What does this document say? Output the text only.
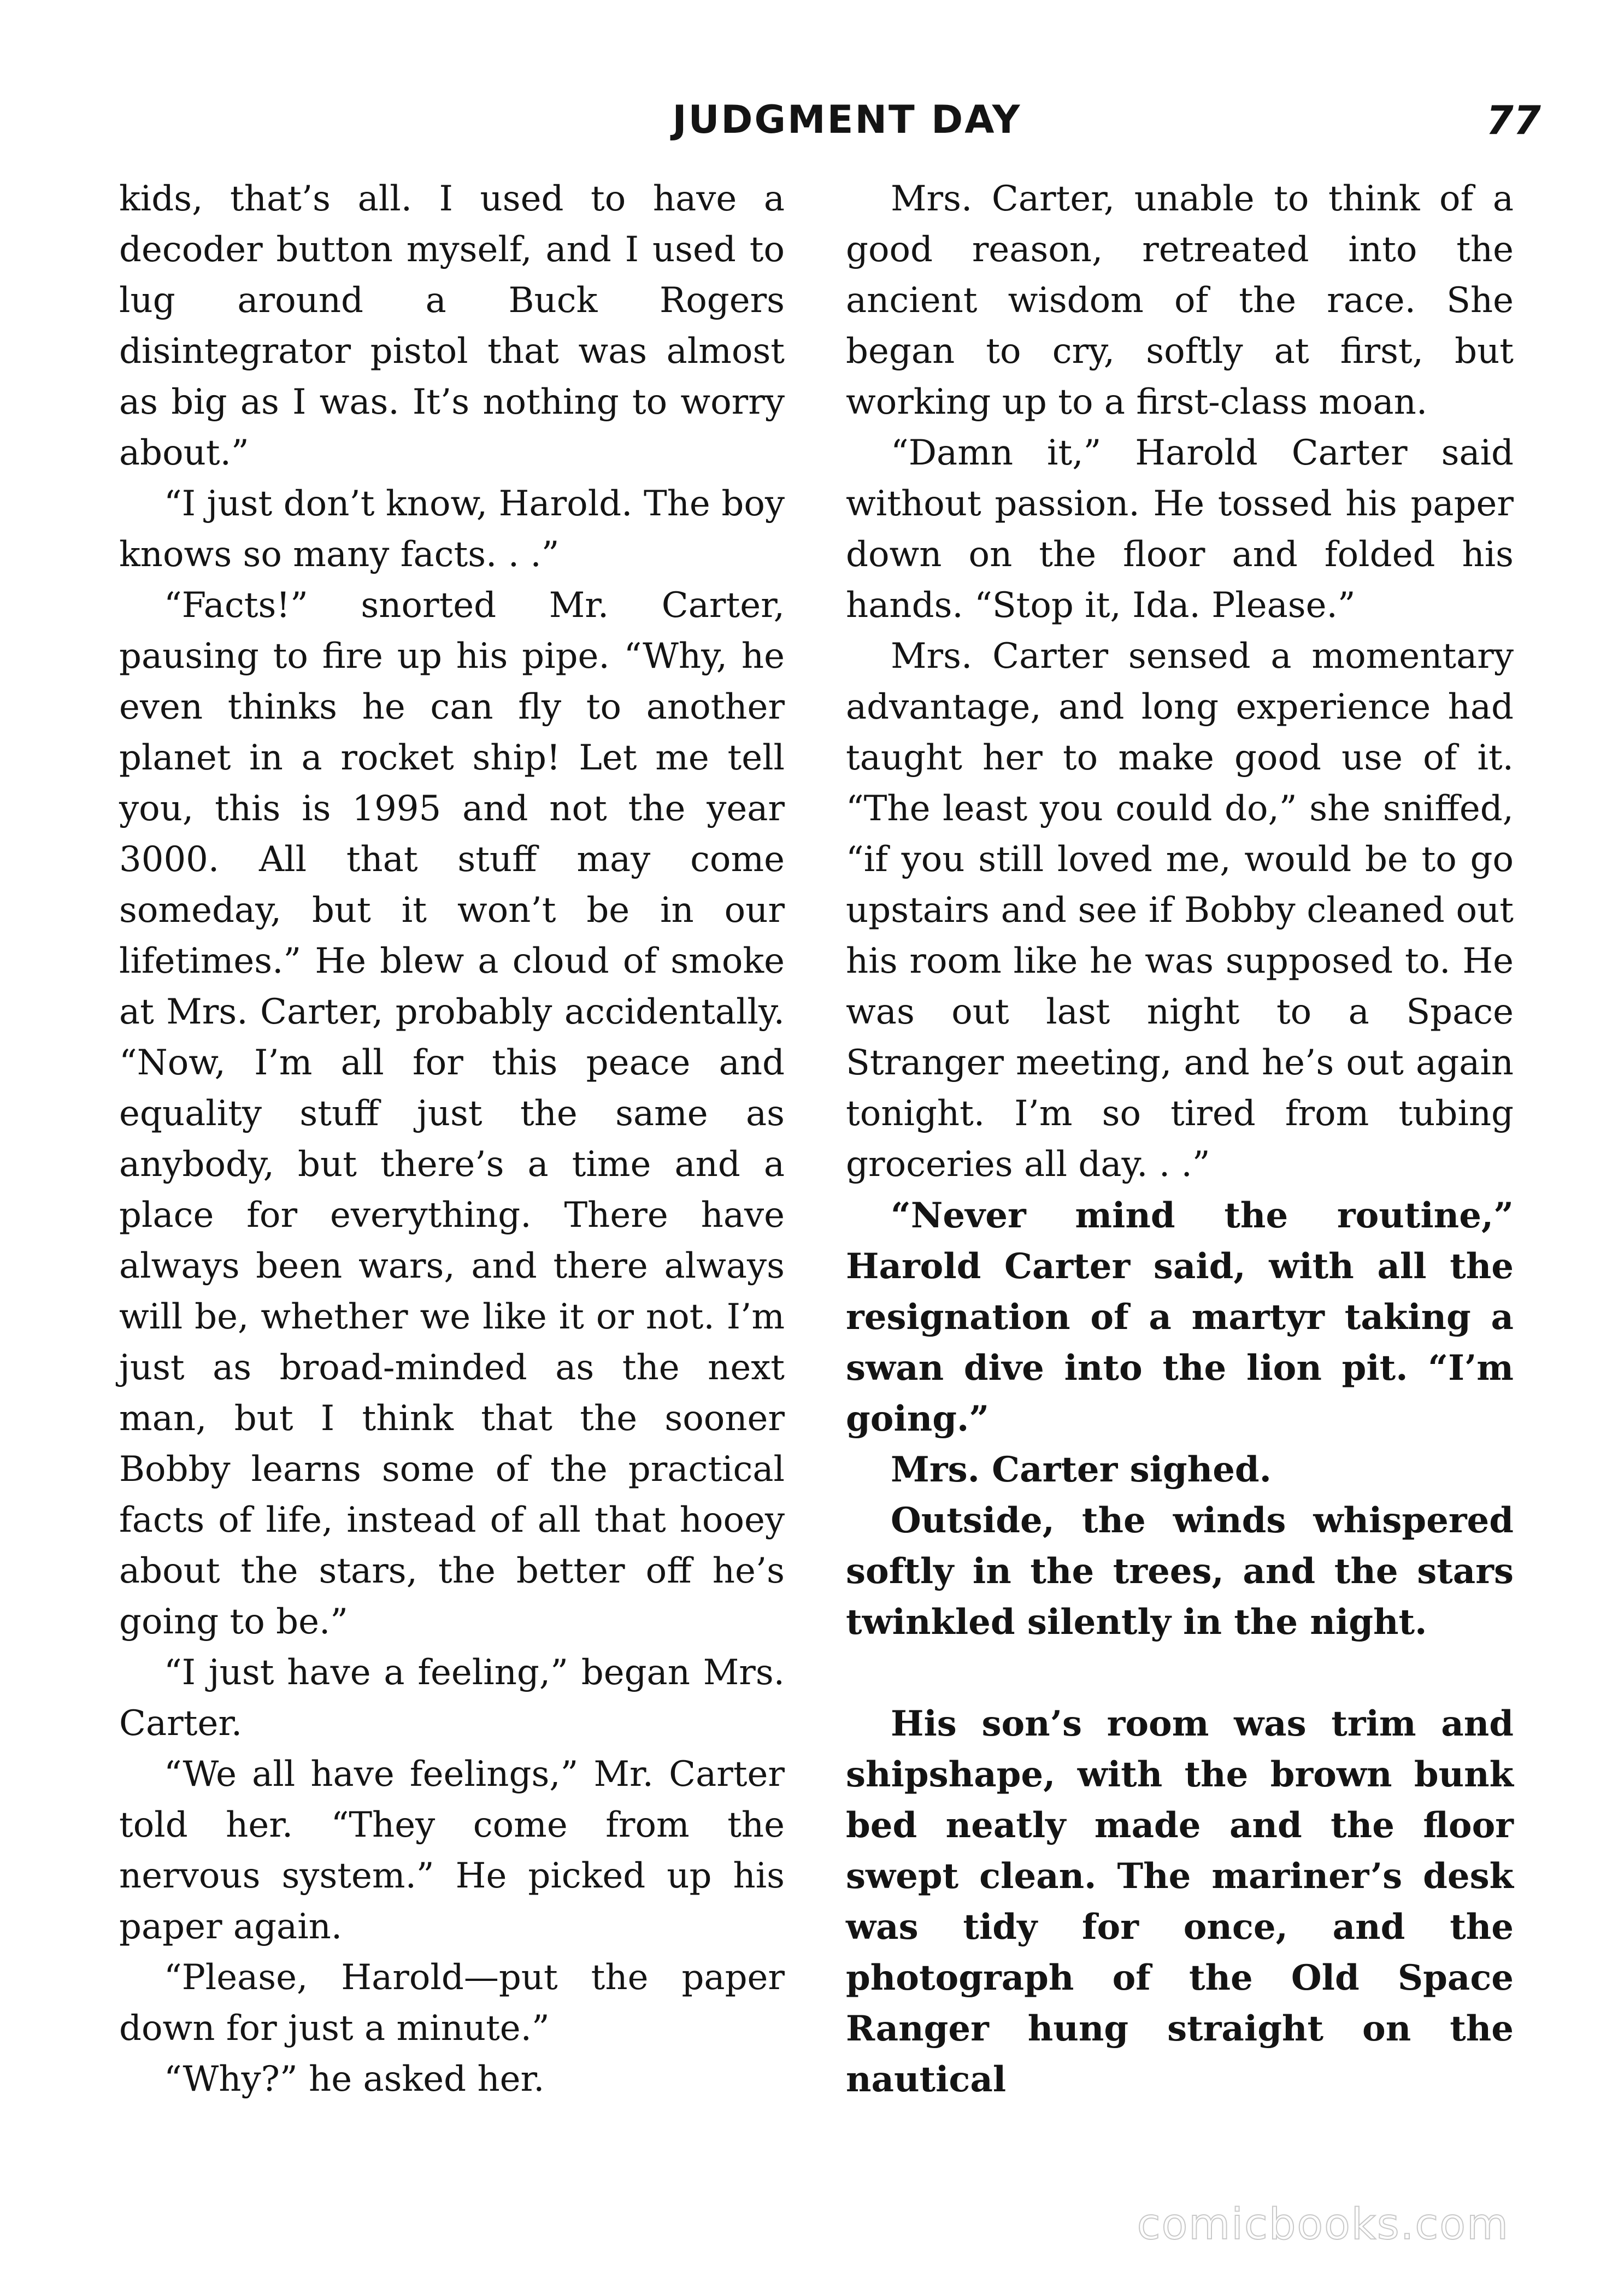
JUDGMENT DAY	77

kids, that’s all. I used to have a decoder button myself, and I used to lug around a Buck Rogers disintegrator pistol that was almost as big as I was. It’s nothing to worry about.”

“I just don’t know, Harold. The boy knows so many facts. . .”

“Facts!” snorted Mr. Carter, pausing to fire up his pipe. “Why, he even thinks he can fly to another planet in a rocket ship! Let me tell you, this is 1995 and not the year 3000. All that stuff may come someday, but it won’t be in our lifetimes.” He blew a cloud of smoke at Mrs. Carter, probably accidentally. “Now, I’m all for this peace and equality stuff just the same as anybody, but there’s a time and a place for everything. There have always been wars, and there always will be, whether we like it or not. I’m just as broad-minded as the next man, but I think that the sooner Bobby learns some of the practical facts of life, instead of all that hooey about the stars, the better off he’s going to be.”

“I just have a feeling,” began Mrs. Carter.

“We all have feelings,” Mr. Carter told her. “They come from the nervous system.” He picked up his paper again.

“Please, Harold—put the paper down for just a minute.”

“Why?” he asked her.

Mrs. Carter, unable to think of a good reason, retreated into the ancient wisdom of the race. She began to cry, softly at first, but working up to a first-class moan.

“Damn it,” Harold Carter said without passion. He tossed his paper down on the floor and folded his hands. “Stop it, Ida. Please.”

Mrs. Carter sensed a momentary advantage, and long experience had taught her to make good use of it. “The least you could do,” she sniffed, “if you still loved me, would be to go upstairs and see if Bobby cleaned out his room like he was supposed to. He was out last night to a Space Stranger meeting, and he’s out again tonight. I’m so tired from tubing groceries all day. . .”

“Never mind the routine,” Harold Carter said, with all the resignation of a martyr taking a swan dive into the lion pit. “I’m going.”

Mrs. Carter sighed.

Outside, the winds whispered softly in the trees, and the stars twinkled silently in the night.

His son’s room was trim and shipshape, with the brown bunk bed neatly made and the floor swept clean. The mariner’s desk was tidy for once, and the photograph of the Old Space Ranger hung straight on the nautical

comicbooks.com
